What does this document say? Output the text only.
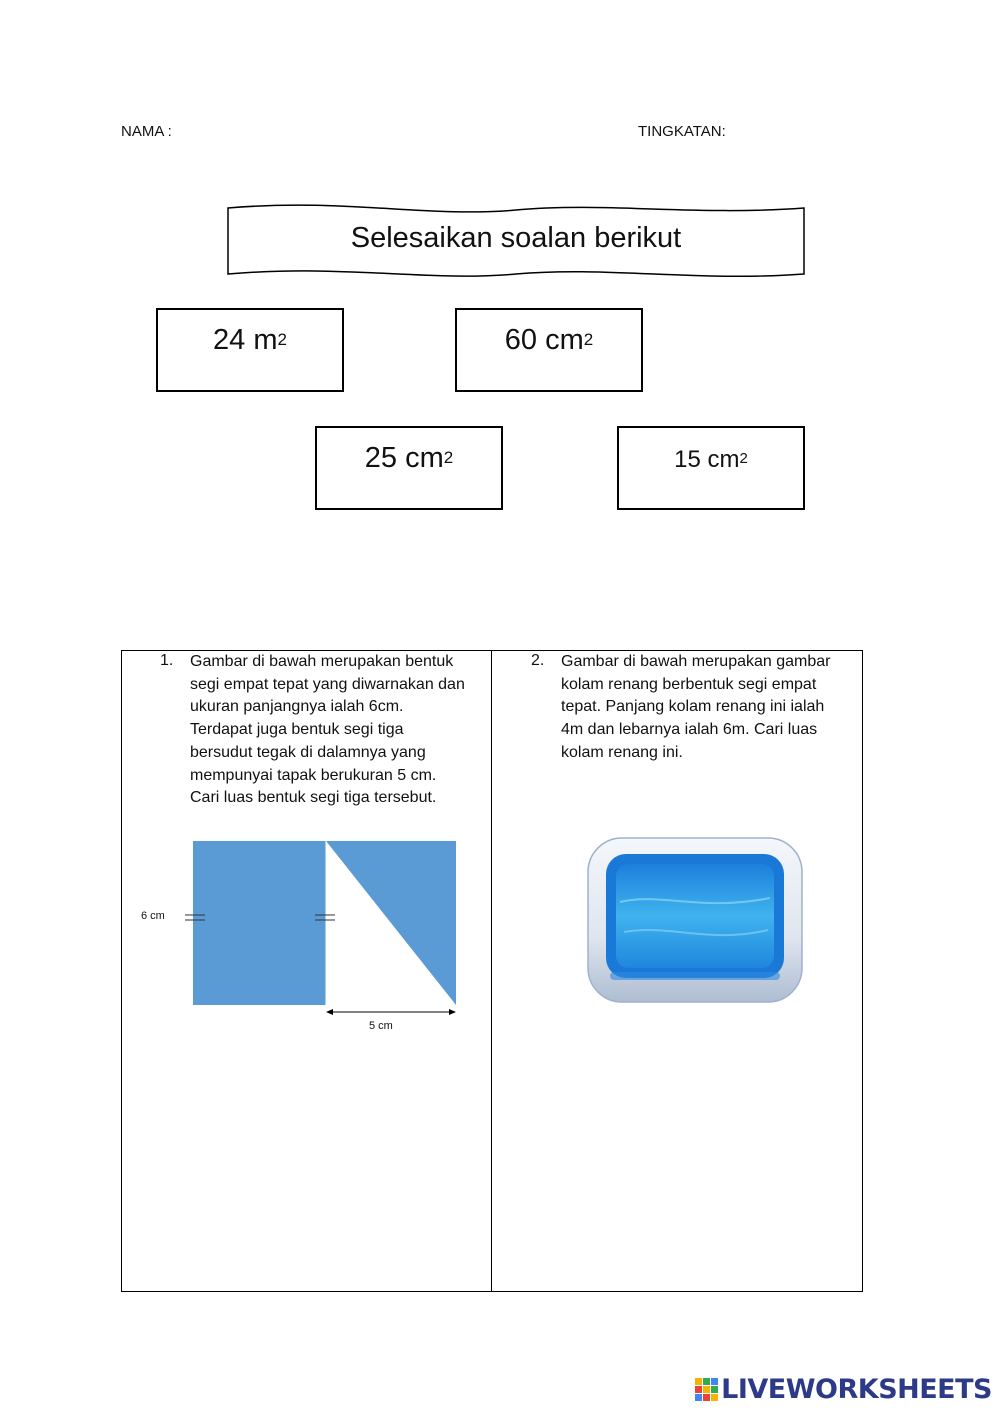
NAMA :	TINGKATAN:
Selesaikan soalan berikut
24 $m^2$	60 $cm^2$
25 $cm^2$	15 $cm^2$
1. Gambar di bawah merupakan bentuk
segi empat tepat yang diwarnakan dan
ukuran panjangnya ialah 6cm.
Terdapat juga bentuk segi tiga
bersudut tegak di dalamnya yang
mempunyai tapak berukuran 5 cm.
Cari luas bentuk segi tiga tersebut.
6 cm
5 cm
2. Gambar di bawah merupakan gambar
kolam renang berbentuk segi empat
tepat. Panjang kolam renang ini ialah
4m dan lebarnya ialah 6m. Cari luas
kolam renang ini.
LIVEWORKSHEETS
